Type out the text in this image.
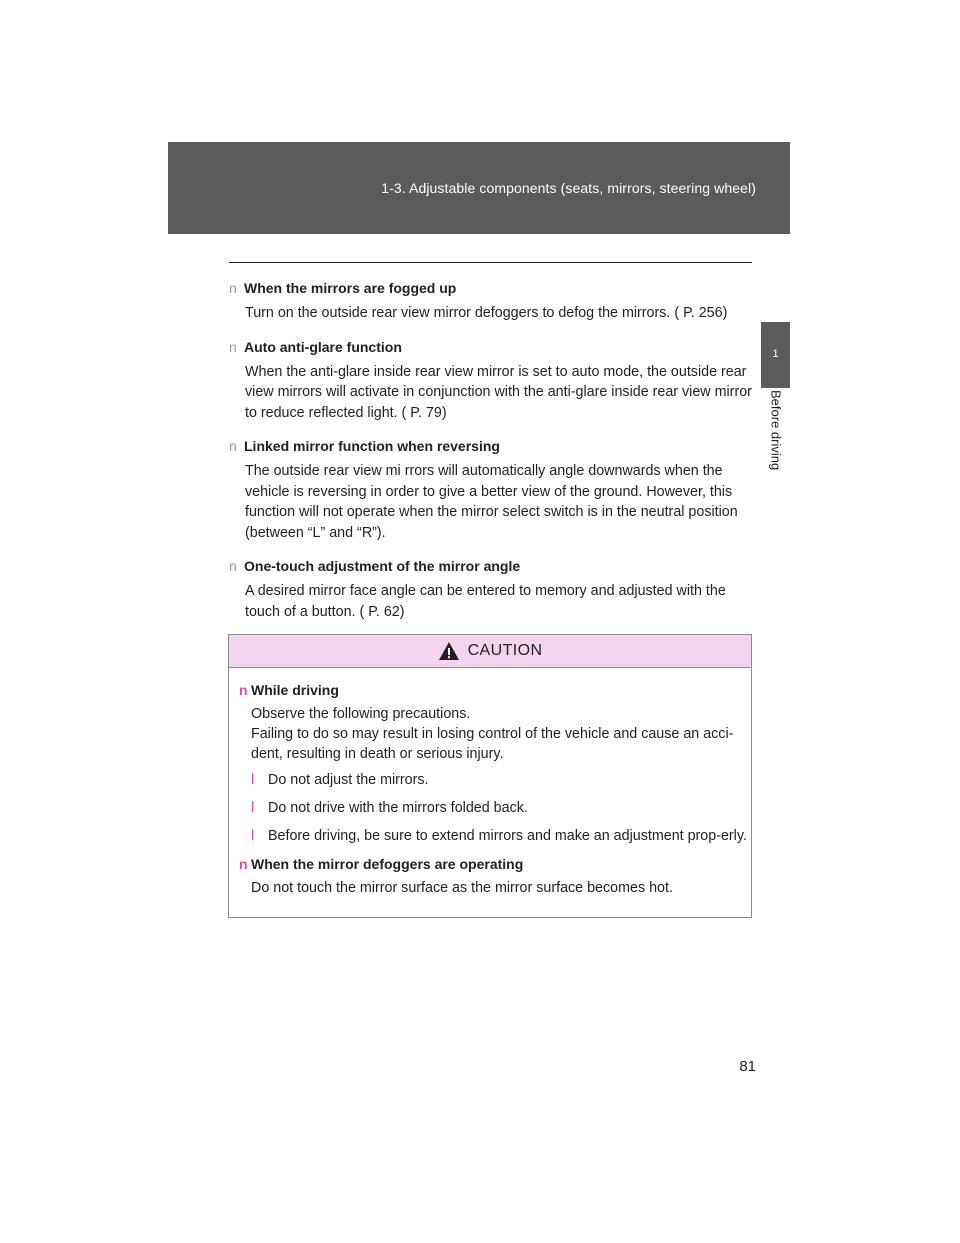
1-3. Adjustable components (seats, mirrors, steering wheel)
1
Before driving
n When the mirrors are fogged up
Turn on the outside rear view mirror defoggers to defog the mirrors. ( P. 256)
n Auto anti-glare function
When the anti-glare inside rear view mirror is set to auto mode, the outside rear view mirrors will activate in conjunction with the anti-glare inside rear view mirror to reduce reflected light. ( P. 79)
n Linked mirror function when reversing
The outside rear view mi rrors will automatically angle downwards when the vehicle is reversing in order to give a better view of the ground. However, this function will not operate when the mirror select switch is in the neutral position (between “L” and “R”).
n One-touch adjustment of the mirror angle
A desired mirror face angle can be entered to memory and adjusted with the touch of a button. ( P. 62)
CAUTION
n While driving
Observe the following precautions.
Failing to do so may result in losing control of the vehicle and cause an acci-dent, resulting in death or serious injury.
l Do not adjust the mirrors.
l Do not drive with the mirrors folded back.
l Before driving, be sure to extend mirrors and make an adjustment prop-erly.
n When the mirror defoggers are operating
Do not touch the mirror surface as the mirror surface becomes hot.
81
